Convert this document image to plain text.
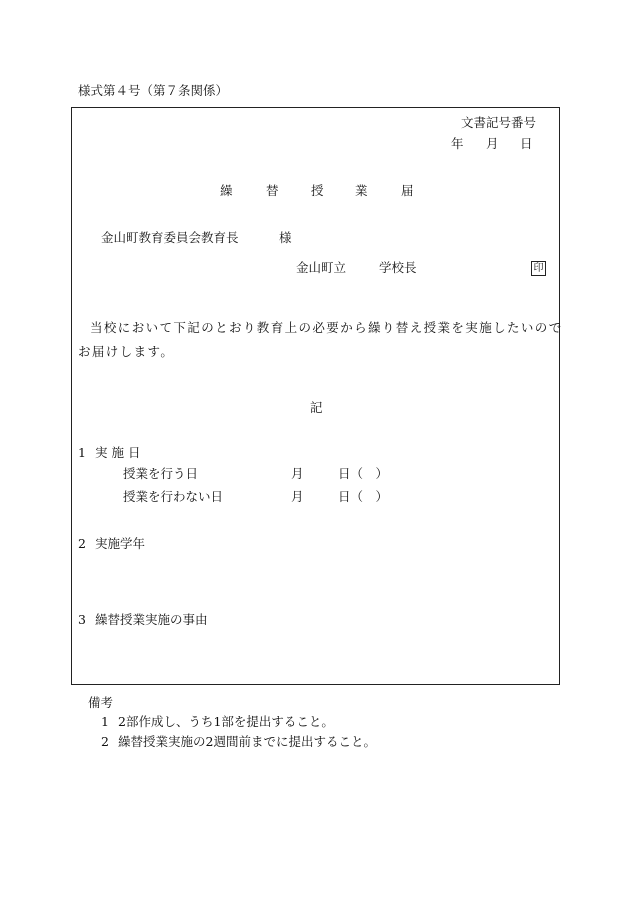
様式第４号（第７条関係）
文書記号番号
年 月 日
繰	替	授	業	届
金山町教育委員会教育長	様
金山町立	学校長	印
当校において下記のとおり教育上の必要から繰り替え授業を実施したいので
お届けします。
記
1 実 施 日
授業を行う日	月	日（　）
授業を行わない日	月	日（　）
2 実施学年
3 繰替授業実施の事由
備考
1 2部作成し、うち1部を提出すること。
2 繰替授業実施の2週間前までに提出すること。
